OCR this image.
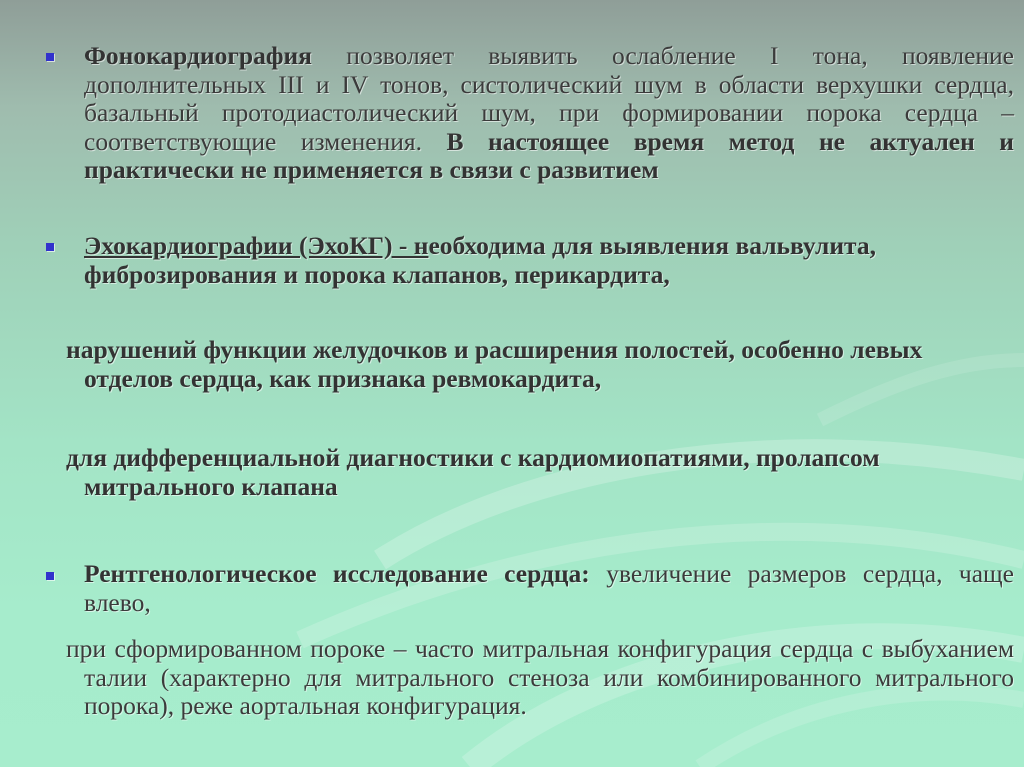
Фонокардиография позволяет выявить ослабление I тона, появление дополнительных III и IV тонов, систолический шум в области верхушки сердца, базальный протодиастолический шум, при формировании порока сердца – соответствующие изменения. В настоящее время метод не актуален и практически не применяется в связи с развитием
Эхокардиографии (ЭхоКГ) - необходима для выявления вальвулита, фиброзирования и порока клапанов, перикардита,
нарушений функции желудочков и расширения полостей, особенно левых отделов сердца, как признака ревмокардита,
для дифференциальной диагностики с кардиомиопатиями, пролапсом митрального клапана
Рентгенологическое исследование сердца: увеличение размеров сердца, чаще влево,
при сформированном пороке – часто митральная конфигурация сердца с выбуханием талии (характерно для митрального стеноза или комбинированного митрального порока), реже аортальная конфигурация.
